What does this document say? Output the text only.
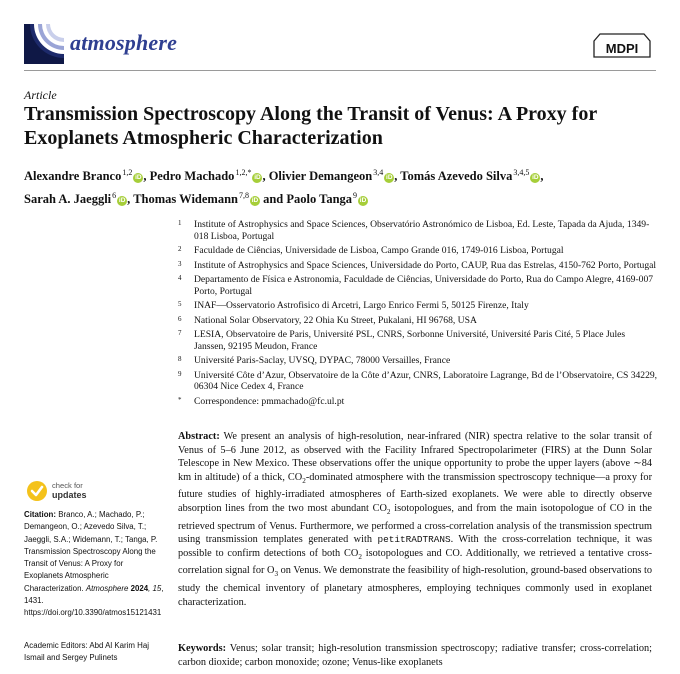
atmosphere	MDPI
Article
Transmission Spectroscopy Along the Transit of Venus: A Proxy for Exoplanets Atmospheric Characterization
Alexandre Branco$^{1,2}$iD , Pedro Machado$^{1,2,*}$iD , Olivier Demangeon$^{3,4}$iD , Tomás Azevedo Silva$^{3,4,5}$iD ,
Sarah A. Jaeggli$^6$iD , Thomas Widemann$^{7,8}$iD and Paolo Tanga$^9$iD
1	Institute of Astrophysics and Space Sciences, Observatório Astronómico de Lisboa, Ed. Leste, Tapada da Ajuda, 1349-018 Lisboa, Portugal
2	Faculdade de Ciências, Universidade de Lisboa, Campo Grande 016, 1749-016 Lisboa, Portugal
3	Institute of Astrophysics and Space Sciences, Universidade do Porto, CAUP, Rua das Estrelas, 4150-762 Porto, Portugal
4	Departamento de Física e Astronomia, Faculdade de Ciências, Universidade do Porto, Rua do Campo Alegre, 4169-007 Porto, Portugal
5	INAF—Osservatorio Astrofisico di Arcetri, Largo Enrico Fermi 5, 50125 Firenze, Italy
6	National Solar Observatory, 22 Ohia Ku Street, Pukalani, HI 96768, USA
7	LESIA, Observatoire de Paris, Université PSL, CNRS, Sorbonne Université, Université Paris Cité, 5 Place Jules Janssen, 92195 Meudon, France
8	Université Paris-Saclay, UVSQ, DYPAC, 78000 Versailles, France
9	Université Côte d’Azur, Observatoire de la Côte d’Azur, CNRS, Laboratoire Lagrange, Bd de l’Observatoire, CS 34229, 06304 Nice Cedex 4, France
*	Correspondence: pmmachado@fc.ul.pt
Abstract: We present an analysis of high-resolution, near-infrared (NIR) spectra relative to the solar transit of Venus of 5–6 June 2012, as observed with the Facility Infrared Spectropolarimeter (FIRS) at the Dunn Solar Telescope in New Mexico. These observations offer the unique opportunity to probe the upper layers (above ∼84 km in altitude) of a thick, $CO_2$-dominated atmosphere with the transmission spectroscopy technique—a proxy for future studies of highly-irradiated atmospheres of Earth-sized exoplanets. We were able to directly observe absorption lines from the two most abundant $CO_2$ isotopologues, and from the main isotopologue of CO in the retrieved spectrum of Venus. Furthermore, we performed a cross-correlation analysis of the transmission spectrum using transmission templates generated with petitRADTRANS. With the cross-correlation technique, it was possible to confirm detections of both $CO_2$ isotopologues and CO. Additionally, we retrieved a tentative cross-correlation signal for $O_3$ on Venus. We demonstrate the feasibility of high-resolution, ground-based observations to study the chemical inventory of planetary atmospheres, employing techniques commonly used in exoplanet characterization.
Keywords: Venus; solar transit; high-resolution transmission spectroscopy; radiative transfer; cross-correlation; carbon dioxide; carbon monoxide; ozone; Venus-like exoplanets
check for
updates
Citation: Branco, A.; Machado, P.; Demangeon, O.; Azevedo Silva, T.; Jaeggli, S.A.; Widemann, T.; Tanga, P. Transmission Spectroscopy Along the Transit of Venus: A Proxy for Exoplanets Atmospheric Characterization. Atmosphere 2024, 15, 1431. https://doi.org/10.3390/atmos15121431
Academic Editors: Abd Al Karim Haj Ismail and Sergey Pulinets
